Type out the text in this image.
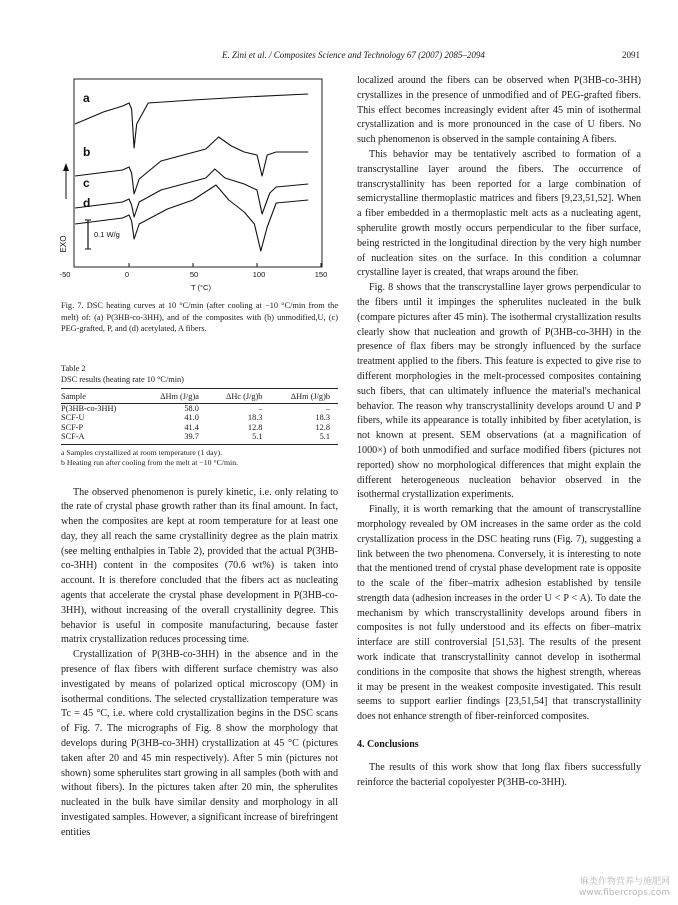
E. Zini et al. / Composites Science and Technology 67 (2007) 2085–2094	2091
a
b
c
d
EXO
0.1 W/g
-50	0	50	100	150
T (°C)
Fig. 7. DSC heating curves at 10 °C/min (after cooling at −10 °C/min from the melt) of: (a) P(3HB-co-3HH), and of the composites with (b) unmodified,U, (c) PEG-grafted, P, and (d) acetylated, A fibers.
Table 2
DSC results (heating rate 10 °C/min)
Sample	ΔHm (J/g)a	ΔHc (J/g)b	ΔHm (J/g)b
P(3HB-co-3HH)	58.0	–	–
SCF-U	41.0	18.3	18.3
SCF-P	41.4	12.8	12.8
SCF-A	39.7	5.1	5.1
a Samples crystallized at room temperature (1 day).
b Heating run after cooling from the melt at −10 °C/min.

The observed phenomenon is purely kinetic, i.e. only relating to the rate of crystal phase growth rather than its final amount. In fact, when the composites are kept at room temperature for at least one day, they all reach the same crystallinity degree as the plain matrix (see melting enthalpies in Table 2), provided that the actual P(3HB-co-3HH) content in the composites (70.6 wt%) is taken into account. It is therefore concluded that the fibers act as nucleating agents that accelerate the crystal phase development in P(3HB-co-3HH), without increasing of the overall crystallinity degree. This behavior is useful in composite manufacturing, because faster matrix crystallization reduces processing time.

Crystallization of P(3HB-co-3HH) in the absence and in the presence of flax fibers with different surface chemistry was also investigated by means of polarized optical microscopy (OM) in isothermal conditions. The selected crystallization temperature was Tc = 45 °C, i.e. where cold crystallization begins in the DSC scans of Fig. 7. The micrographs of Fig. 8 show the morphology that develops during P(3HB-co-3HH) crystallization at 45 °C (pictures taken after 20 and 45 min respectively). After 5 min (pictures not shown) some spherulites start growing in all samples (both with and without fibers). In the pictures taken after 20 min, the spherulites nucleated in the bulk have similar density and morphology in all investigated samples. However, a significant increase of birefringent entities

localized around the fibers can be observed when P(3HB-co-3HH) crystallizes in the presence of unmodified and of PEG-grafted fibers. This effect becomes increasingly evident after 45 min of isothermal crystallization and is more pronounced in the case of U fibers. No such phenomenon is observed in the sample containing A fibers.

This behavior may be tentatively ascribed to formation of a transcrystalline layer around the fibers. The occurrence of transcrystallinity has been reported for a large combination of semicrystalline thermoplastic matrices and fibers [9,23,51,52]. When a fiber embedded in a thermoplastic melt acts as a nucleating agent, spherulite growth mostly occurs perpendicular to the fiber surface, being restricted in the longitudinal direction by the very high number of nucleation sites on the surface. In this condition a columnar crystalline layer is created, that wraps around the fiber.

Fig. 8 shows that the transcrystalline layer grows perpendicular to the fibers until it impinges the spherulites nucleated in the bulk (compare pictures after 45 min). The isothermal crystallization results clearly show that nucleation and growth of P(3HB-co-3HH) in the presence of flax fibers may be strongly influenced by the surface treatment applied to the fibers. This feature is expected to give rise to different morphologies in the melt-processed composites containing such fibers, that can ultimately influence the material's mechanical behavior. The reason why transcrystallinity develops around U and P fibers, while its appearance is totally inhibited by fiber acetylation, is not known at present. SEM observations (at a magnification of 1000×) of both unmodified and surface modified fibers (pictures not reported) show no morphological differences that might explain the different heterogeneous nucleation behavior observed in the isothermal crystallization experiments.

Finally, it is worth remarking that the amount of transcrystalline morphology revealed by OM increases in the same order as the cold crystallization process in the DSC heating runs (Fig. 7), suggesting a link between the two phenomena. Conversely, it is interesting to note that the mentioned trend of crystal phase development rate is opposite to the scale of the fiber–matrix adhesion established by tensile strength data (adhesion increases in the order U < P < A). To date the mechanism by which transcrystallinity develops around fibers in composites is not fully understood and its effects on fiber–matrix interface are still controversial [51,53]. The results of the present work indicate that transcrystallinity cannot develop in isothermal conditions in the composite that shows the highest strength, whereas it may be present in the weakest composite investigated. This result seems to support earlier findings [23,51,54] that transcrystallinity does not enhance strength of fiber-reinforced composites.

4. Conclusions

The results of this work show that long flax fibers successfully reinforce the bacterial copolyester P(3HB-co-3HH).

麻类作物营养与施肥网
www.fibercrops.com
